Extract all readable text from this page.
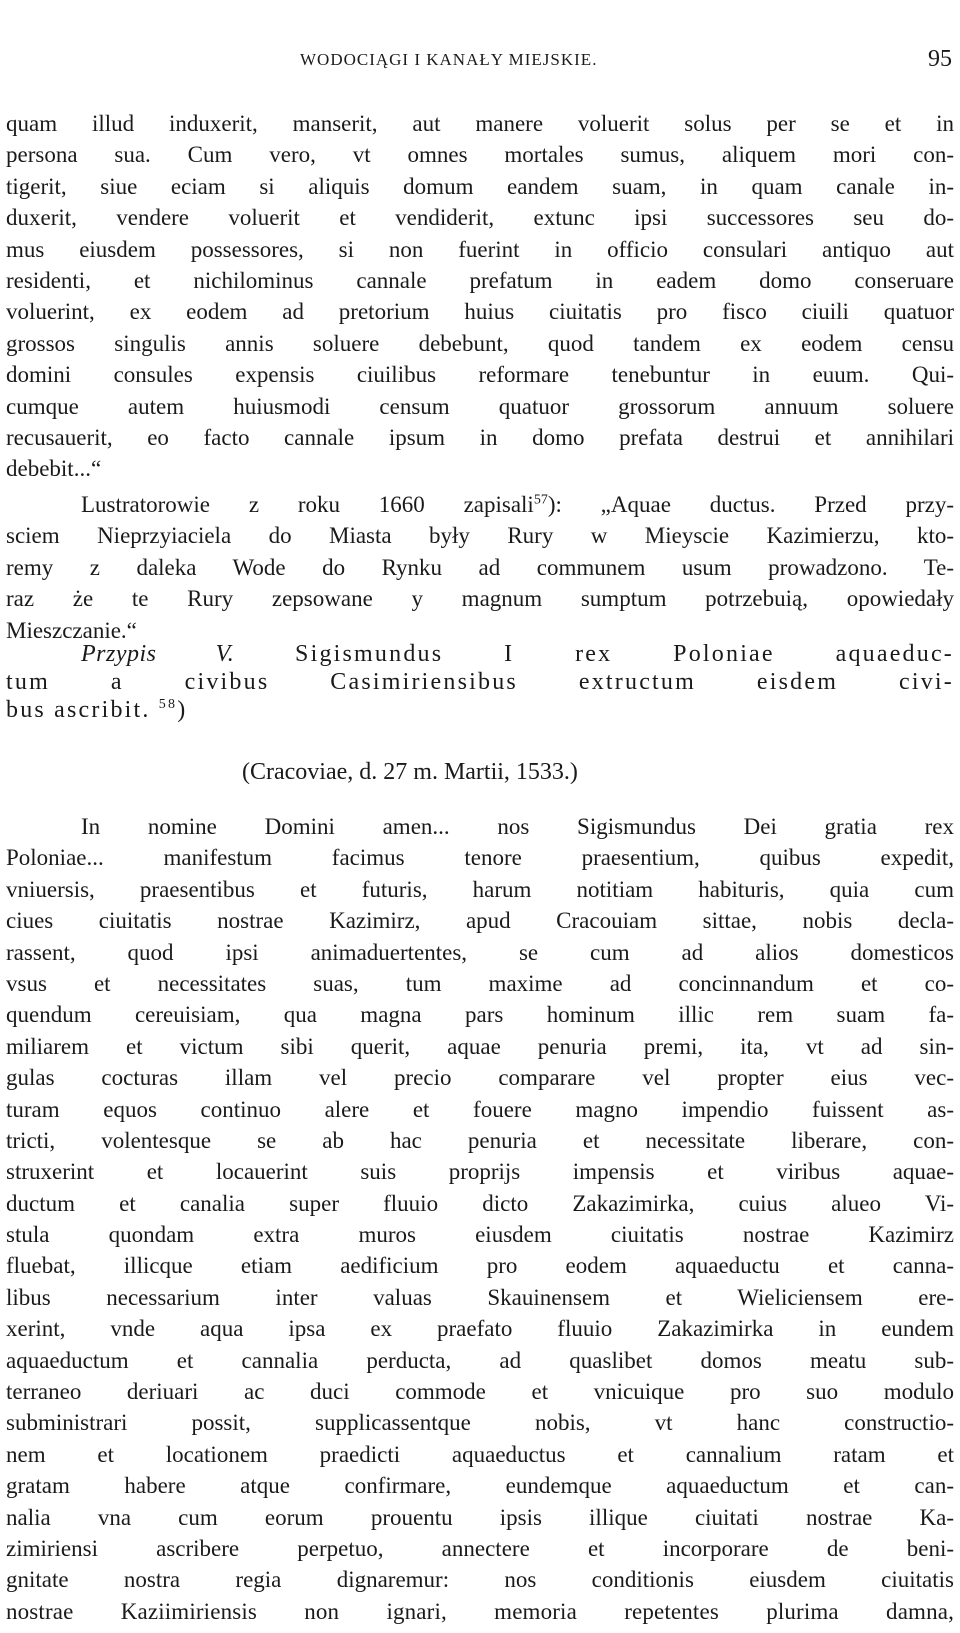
WODOCIĄGI I KANAŁY MIEJSKIE.	95
quam illud induxerit, manserit, aut manere voluerit solus per se et in
persona sua. Cum vero, vt omnes mortales sumus, aliquem mori con-
tigerit, siue eciam si aliquis domum eandem suam, in quam canale in-
duxerit, vendere voluerit et vendiderit, extunc ipsi successores seu do-
mus eiusdem possessores, si non fuerint in officio consulari antiquo aut
residenti, et nichilominus cannale prefatum in eadem domo conseruare
voluerint, ex eodem ad pretorium huius ciuitatis pro fisco ciuili quatuor
grossos singulis annis soluere debebunt, quod tandem ex eodem censu
domini consules expensis ciuilibus reformare tenebuntur in euum. Qui-
cumque autem huiusmodi censum quatuor grossorum annuum soluere
recusauerit, eo facto cannale ipsum in domo prefata destrui et annihilari
debebit...“
Lustratorowie z roku 1660 zapisali$^{57}$): „Aquae ductus. Przed przy-
sciem Nieprzyiaciela do Miasta były Rury w Mieyscie Kazimierzu, kto-
remy z daleka Wode do Rynku ad communem usum prowadzono. Te-
raz że te Rury zepsowane y magnum sumptum potrzebuią, opowiedały
Mieszczanie.“
Przypis V.	Sigismundus I rex Poloniae aquaeduc-
tum a civibus Casimiriensibus extructum eisdem civi-
bus ascribit. $^{58}$)
(Cracoviae, d. 27 m. Martii, 1533.)
In nomine Domini amen... nos Sigismundus Dei gratia rex
Poloniae... manifestum facimus tenore praesentium, quibus expedit,
vniuersis, praesentibus et futuris, harum notitiam habituris, quia cum
ciues ciuitatis nostrae Kazimirz, apud Cracouiam sittae, nobis decla-
rassent, quod ipsi animaduertentes, se cum ad alios domesticos
vsus et necessitates suas, tum maxime ad concinnandum et co-
quendum cereuisiam, qua magna pars hominum illic rem suam fa-
miliarem et victum sibi querit, aquae penuria premi, ita, vt ad sin-
gulas cocturas illam vel precio comparare vel propter eius vec-
turam equos continuo alere et fouere magno impendio fuissent as-
tricti, volentesque se ab hac penuria et necessitate liberare, con-
struxerint et locauerint suis proprijs impensis et viribus aquae-
ductum et canalia super fluuio dicto Zakazimirka, cuius alueo Vi-
stula quondam extra muros eiusdem ciuitatis nostrae Kazimirz
fluebat, illicque etiam aedificium pro eodem aquaeductu et canna-
libus necessarium inter valuas Skauinensem et Wieliciensem ere-
xerint, vnde aqua ipsa ex praefato fluuio Zakazimirka in eundem
aquaeductum et cannalia perducta, ad quaslibet domos meatu sub-
terraneo deriuari ac duci commode et vnicuique pro suo modulo
subministrari possit, supplicassentque nobis, vt hanc constructio-
nem et locationem praedicti aquaeductus et cannalium ratam et
gratam habere atque confirmare, eundemque aquaeductum et can-
nalia vna cum eorum prouentu ipsis illique ciuitati nostrae Ka-
zimiriensi ascribere perpetuo, annectere et incorporare de beni-
gnitate nostra regia dignaremur: nos conditionis eiusdem ciuitatis
nostrae Kaziimiriensis non ignari, memoria repetentes plurima damna,
